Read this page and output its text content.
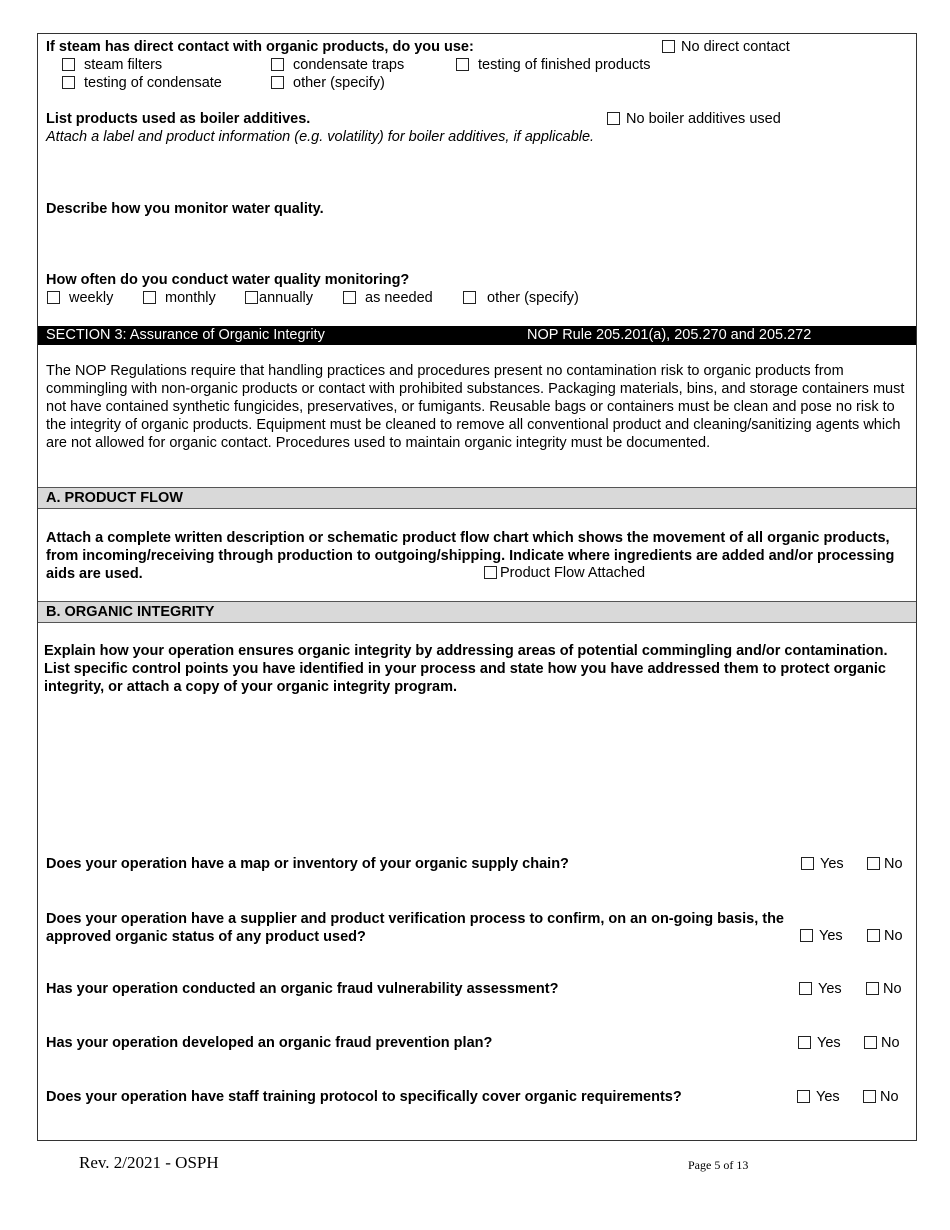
If steam has direct contact with organic products, do you use:	No direct contact
steam filters	condensate traps	testing of finished products
testing of condensate	other (specify)
List products used as boiler additives.	No boiler additives used
Attach a label and product information (e.g. volatility) for boiler additives, if applicable.
Describe how you monitor water quality.
How often do you conduct water quality monitoring?
weekly	monthly	annually	as needed	other (specify)
SECTION 3: Assurance of Organic Integrity	NOP Rule 205.201(a), 205.270 and 205.272
The NOP Regulations require that handling practices and procedures present no contamination risk to organic products from commingling with non-organic products or contact with prohibited substances. Packaging materials, bins, and storage containers must not have contained synthetic fungicides, preservatives, or fumigants. Reusable bags or containers must be clean and pose no risk to the integrity of organic products. Equipment must be cleaned to remove all conventional product and cleaning/sanitizing agents which are not allowed for organic contact. Procedures used to maintain organic integrity must be documented.
A. PRODUCT FLOW
Attach a complete written description or schematic product flow chart which shows the movement of all organic products, from incoming/receiving through production to outgoing/shipping. Indicate where ingredients are added and/or processing aids are used.	Product Flow Attached
B. ORGANIC INTEGRITY
Explain how your operation ensures organic integrity by addressing areas of potential commingling and/or contamination. List specific control points you have identified in your process and state how you have addressed them to protect organic integrity, or attach a copy of your organic integrity program.
Does your operation have a map or inventory of your organic supply chain?	Yes	No
Does your operation have a supplier and product verification process to confirm, on an on-going basis, the approved organic status of any product used?	Yes	No
Has your operation conducted an organic fraud vulnerability assessment?	Yes	No
Has your operation developed an organic fraud prevention plan?	Yes	No
Does your operation have staff training protocol to specifically cover organic requirements?	Yes	No
Rev. 2/2021 - OSPH	Page 5 of 13
